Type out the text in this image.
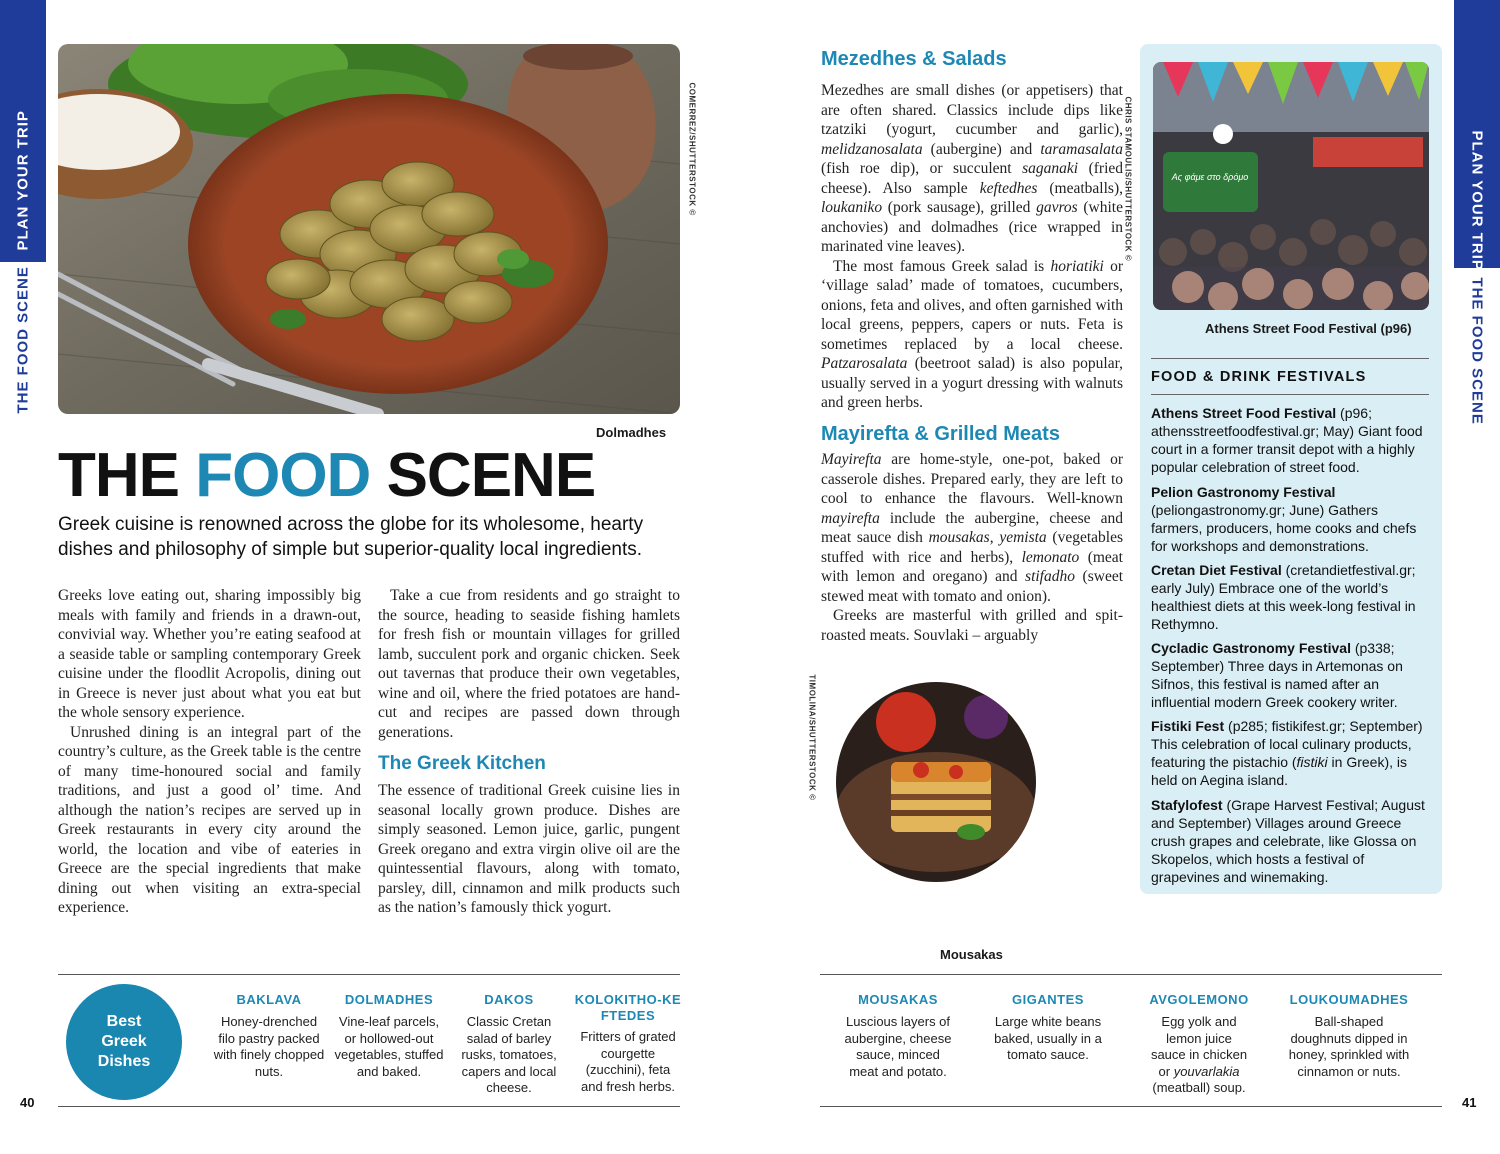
PLAN YOUR TRIP
THE FOOD SCENE
PLAN YOUR TRIP
THE FOOD SCENE
COMERREZ/SHUTTERSTOCK ©
Dolmadhes
THE FOOD SCENE
Greek cuisine is renowned across the globe for its wholesome, hearty dishes and philosophy of simple but superior-quality local ingredients.

Greeks love eating out, sharing impossibly big meals with family and friends in a drawn-out, convivial way. Whether you’re eating seafood at a seaside table or sampling contemporary Greek cuisine under the floodlit Acropolis, dining out in Greece is never just about what you eat but the whole sensory experience.

Unrushed dining is an integral part of the country’s culture, as the Greek table is the centre of many time-honoured social and family traditions, and just a good ol’ time. And although the nation’s recipes are served up in Greek restaurants in every city around the world, the location and vibe of eateries in Greece are the special ingredients that make dining out when visiting an extra-special experience.

Take a cue from residents and go straight to the source, heading to seaside fishing hamlets for fresh fish or mountain villages for grilled lamb, succulent pork and organic chicken. Seek out tavernas that produce their own vegetables, wine and oil, where the fried potatoes are hand-cut and recipes are passed down through generations.

The Greek Kitchen

The essence of traditional Greek cuisine lies in seasonal locally grown produce. Dishes are simply seasoned. Lemon juice, garlic, pungent Greek oregano and extra virgin olive oil are the quintessential flavours, along with tomato, parsley, dill, cinnamon and milk products such as the nation’s famously thick yogurt.

Mezedhes & Salads

Mezedhes are small dishes (or appetisers) that are often shared. Classics include dips like tzatziki (yogurt, cucumber and garlic), melidzanosalata (aubergine) and taramasalata (fish roe dip), or succulent saganaki (fried cheese). Also sample keftedhes (meatballs), loukaniko (pork sausage), grilled gavros (white anchovies) and dolmadhes (rice wrapped in marinated vine leaves).

The most famous Greek salad is horiatiki or ‘village salad’ made of tomatoes, cucumbers, onions, feta and olives, and often garnished with local greens, peppers, capers or nuts. Feta is sometimes replaced by a local cheese. Patzarosalata (beetroot salad) is also popular, usually served in a yogurt dressing with walnuts and green herbs.

Mayirefta & Grilled Meats

Mayirefta are home-style, one-pot, baked or casserole dishes. Prepared early, they are left to cool to enhance the flavours. Well-known mayirefta include the aubergine, cheese and meat sauce dish mousakas, yemista (vegetables stuffed with rice and herbs), lemonato (meat with lemon and oregano) and stifadho (sweet stewed meat with tomato and onion).

Greeks are masterful with grilled and spit-roasted meats. Souvlaki – arguably

TIMOLINA/SHUTTERSTOCK ©
Mousakas
Ας φάμε στο δρόμο
CHRIS STAMOULIS/SHUTTERSTOCK ©
Athens Street Food Festival (p96)
FOOD & DRINK FESTIVALS
Athens Street Food Festival (p96; athensstreetfoodfestival.gr; May) Giant food court in a former transit depot with a highly popular celebration of street food.
Pelion Gastronomy Festival (peliongastronomy.gr; June) Gathers farmers, producers, home cooks and chefs for workshops and demonstrations.
Cretan Diet Festival (cretandietfestival.gr; early July) Embrace one of the world’s healthiest diets at this week-long festival in Rethymno.
Cycladic Gastronomy Festival (p338; September) Three days in Artemonas on Sifnos, this festival is named after an influential modern Greek cookery writer.
Fistiki Fest (p285; fistikifest.gr; September) This celebration of local culinary products, featuring the pistachio (fistiki in Greek), is held on Aegina island.
Stafylofest (Grape Harvest Festival; August and September) Villages around Greece crush grapes and celebrate, like Glossa on Skopelos, which hosts a festival of grapevines and winemaking.
Best Greek Dishes
BAKLAVA
Honey-drenched filo pastry packed with finely chopped nuts.
DOLMADHES
Vine-leaf parcels, or hollowed-out vegetables, stuffed and baked.
DAKOS
Classic Cretan salad of barley rusks, tomatoes, capers and local cheese.
KOLOKITHO-KEFTEDES
Fritters of grated courgette (zucchini), feta and fresh herbs.
MOUSAKAS
Luscious layers of aubergine, cheese sauce, minced meat and potato.
GIGANTES
Large white beans baked, usually in a tomato sauce.
AVGOLEMONO
Egg yolk and lemon juice sauce in chicken or youvarlakia (meatball) soup.
LOUKOUMADHES
Ball-shaped doughnuts dipped in honey, sprinkled with cinnamon or nuts.
40	41
